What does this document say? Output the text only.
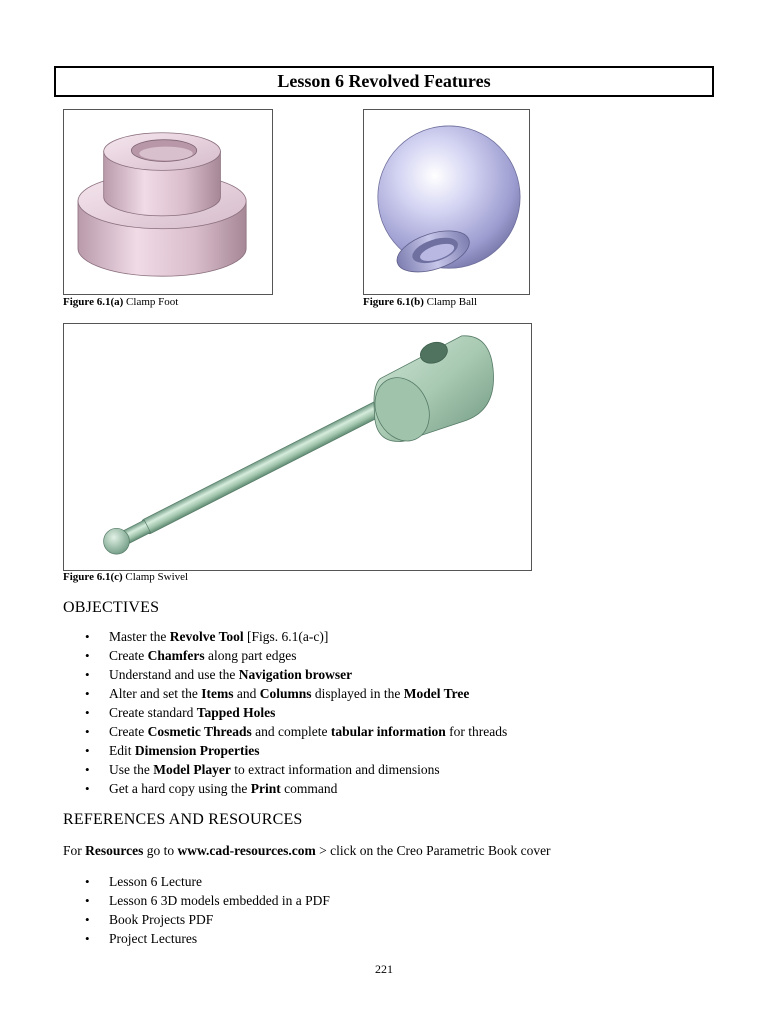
Lesson 6 Revolved Features
Figure 6.1(a) Clamp Foot	Figure 6.1(b) Clamp Ball
Figure 6.1(c) Clamp Swivel
OBJECTIVES
• Master the Revolve Tool [Figs. 6.1(a-c)]
• Create Chamfers along part edges
• Understand and use the Navigation browser
• Alter and set the Items and Columns displayed in the Model Tree
• Create standard Tapped Holes
• Create Cosmetic Threads and complete tabular information for threads
• Edit Dimension Properties
• Use the Model Player to extract information and dimensions
• Get a hard copy using the Print command
REFERENCES AND RESOURCES
For Resources go to www.cad-resources.com > click on the Creo Parametric Book cover
• Lesson 6 Lecture
• Lesson 6 3D models embedded in a PDF
• Book Projects PDF
• Project Lectures
221
